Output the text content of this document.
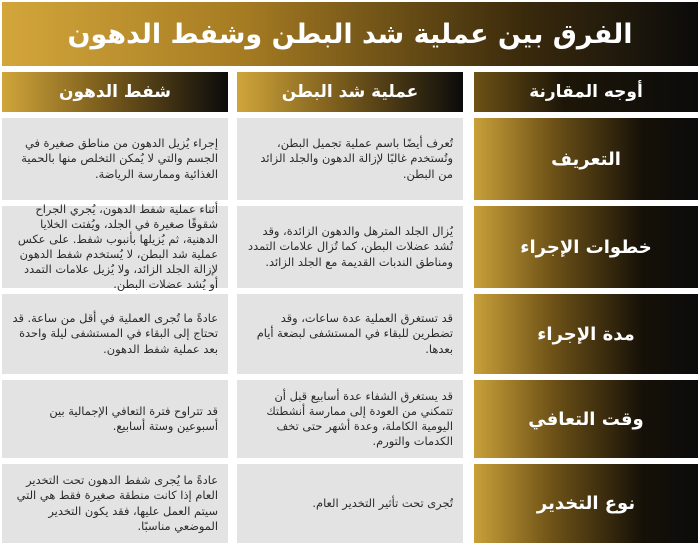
الفرق بين عملية شد البطن وشفط الدهون
أوجه المقارنة
عملية شد البطن
شفط الدهون
التعريف
تُعرف أيضًا باسم عملية تجميل البطن، وتُستخدم غالبًا لإزالة الدهون والجلد الزائد من البطن.
إجراء يُزيل الدهون من مناطق صغيرة في الجسم والتي لا يُمكن التخلص منها بالحمية الغذائية وممارسة الرياضة.
خطوات الإجراء
يُزال الجلد المترهل والدهون الزائدة، وقد تُشد عضلات البطن، كما تُزال علامات التمدد ومناطق الندبات القديمة مع الجلد الزائد.
أثناء عملية شفط الدهون، يُجري الجراح شقوقًا صغيرة في الجلد، ويُفتت الخلايا الدهنية، ثم يُزيلها بأنبوب شفط. على عكس عملية شد البطن، لا يُستخدم شفط الدهون لإزالة الجلد الزائد، ولا يُزيل علامات التمدد أو يُشد عضلات البطن.
مدة الإجراء
قد تستغرق العملية عدة ساعات، وقد تضطرين للبقاء في المستشفى لبضعة أيام بعدها.
عادةً ما تُجرى العملية في أقل من ساعة. قد تحتاج إلى البقاء في المستشفى ليلة واحدة بعد عملية شفط الدهون.
وقت التعافي
قد يستغرق الشفاء عدة أسابيع قبل أن تتمكني من العودة إلى ممارسة أنشطتك اليومية الكاملة، وعدة أشهر حتى تخف الكدمات والتورم.
قد تتراوح فترة التعافي الإجمالية بين أسبوعين وستة أسابيع.
نوع التخدير
تُجرى تحت تأثير التخدير العام.
عادةً ما يُجرى شفط الدهون تحت التخدير العام إذا كانت منطقة صغيرة فقط هي التي سيتم العمل عليها، فقد يكون التخدير الموضعي مناسبًا.
